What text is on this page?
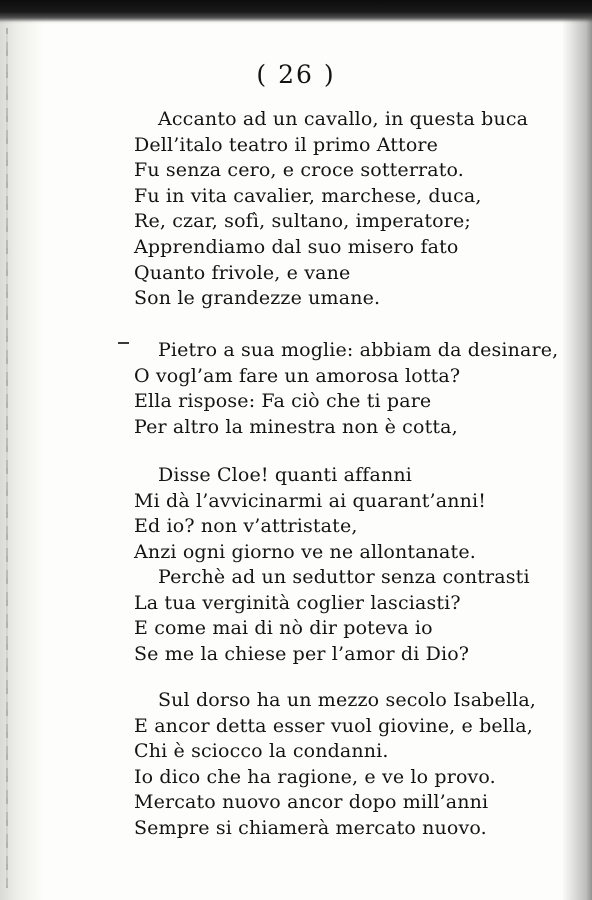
( 26 )
Accanto ad un cavallo, in questa buca
Dell’italo teatro il primo Attore
Fu senza cero, e croce sotterrato.
Fu in vita cavalier, marchese, duca,
Re, czar, sofì, sultano, imperatore;
Apprendiamo dal suo misero fato
Quanto frivole, e vane
Son le grandezze umane.
Pietro a sua moglie: abbiam da desinare,
O vogl’am fare un amorosa lotta?
Ella rispose: Fa ciò che ti pare
Per altro la minestra non è cotta,
Disse Cloe! quanti affanni
Mi dà l’avvicinarmi ai quarant’anni!
Ed io? non v’attristate,
Anzi ogni giorno ve ne allontanate.
Perchè ad un seduttor senza contrasti
La tua verginità coglier lasciasti?
E come mai di nò dir poteva io
Se me la chiese per l’amor di Dio?
Sul dorso ha un mezzo secolo Isabella,
E ancor detta esser vuol giovine, e bella,
Chi è sciocco la condanni.
Io dico che ha ragione, e ve lo provo.
Mercato nuovo ancor dopo mill’anni
Sempre si chiamerà mercato nuovo.
